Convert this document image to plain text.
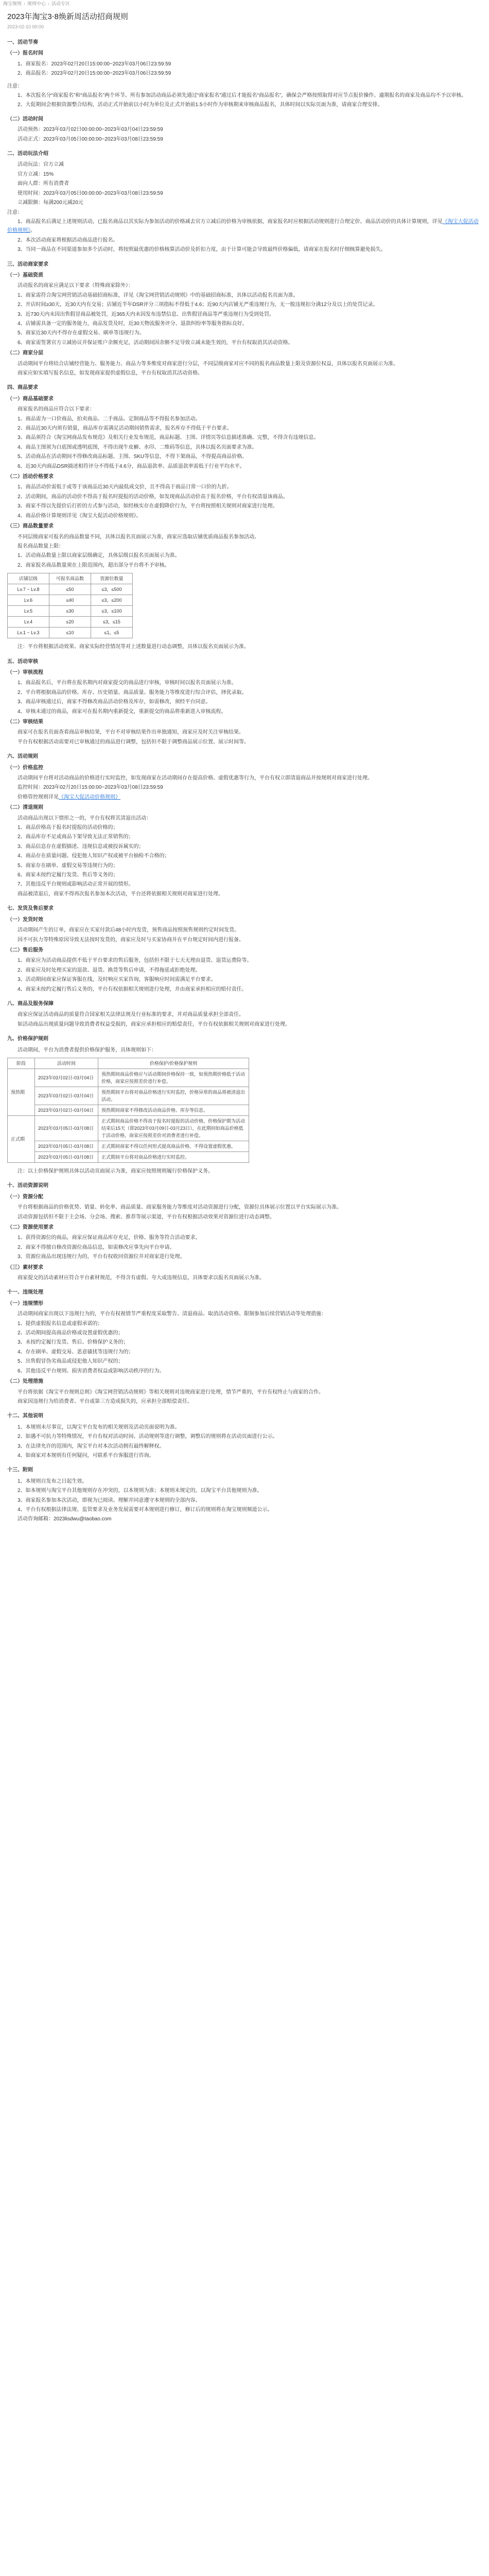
淘宝规则 › 规则中心 › 活动专区
2023年淘宝3⋅8焕新周活动招商规则
2023-02-10 00:00
一、活动节奏
（一）报名时间

1、商家报名：2023年02月20日15:00:00~2023年03月06日23:59:59

2、商品报名：2023年02月20日15:00:00~2023年03月06日23:59:59

注意：

1、本次报名分“商家报名”和“商品报名”两个环节。所有参加活动商品必须先通过“商家报名”通过后才能报名“商品报名”，确保会严格按照取得对应节点报价操作。逾期报名的商家及商品均不予以审核。

2、大促期间会根据资源整合结构，活动正式开始前以小时为单位及正式开始前1.5小时作为审核期来审核商品报名，具体时间以实际页面为准，请商家合理安排。

（二）活动时间

活动预热：2023年03月02日00:00:00~2023年03月04日23:59:59

活动正式：2023年03月05日00:00:00~2023年03月08日23:59:59

二、活动玩法介绍

活动玩法：官方立减

官方立减：15%

面向人群：所有消费者

使用时间：2023年03月05日00:00:00~2023年03月08日23:59:59

立减限额：每满200元减20元

注意：

1、商品报名后满足上述规则活动，已报名商品以其实际为参加活动的价格减去官方立减后的价格为审核依据，商家报名时应根据活动规则进行合理定价。商品活动价的具体计算规则，详见《淘宝大促活动价格规则》。

2、本次活动商家将根据活动商品进行报名。

3、当同一商品在不同渠道参加多个活动时，将按照最优惠的价格核算活动价及折扣力度，由于计算可能会导致最终价格偏低，请商家在报名时仔细核算避免损失。

三、活动商家要求
（一）基础资质

活动报名的商家应满足以下要求（特殊商家除外）：

1、商家需符合淘宝网营销活动基础招商标准，详见《淘宝网营销活动规则》中的基础招商标准，具体以活动报名页面为准。

2、开店时间≥30天，近30天内有交易；店铺近半年DSR评分三项指标不得低于4.6；近90天内店铺无严重违规行为，无一般违规扣分满12分及以上的处罚记录。

3、近730天内未因出售假冒商品被处罚，近365天内未因发布违禁信息、出售假冒商品等严重违规行为受到处罚。

4、店铺需具备一定的服务能力，商品发货及时，近30天物流服务评分、退款纠纷率等服务指标良好。

5、商家近30天内不得存在虚假交易、刷单等违规行为。

6、商家需签署官方立减协议并保证账户余额充足，活动期间因余额不足导致立减未能生效的，平台有权取消其活动资格。

（二）商家分层

活动期间平台将结合店铺经营能力、服务能力、商品力等多维度对商家进行分层，不同层级商家对应不同的报名商品数量上限及资源位权益，具体以报名页面展示为准。

商家应如实填写报名信息，如发现商家提供虚假信息，平台有权取消其活动资格。

四、商品要求
（一）商品基础要求

商家报名的商品应符合以下要求：

1、商品需为一口价商品，拍卖商品、二手商品、定制商品等不得报名参加活动。

2、商品近30天内须有销量，商品库存需满足活动期间销售需求，报名库存不得低于平台要求。

3、商品须符合《淘宝网商品发布规范》及相关行业发布规范，商品标题、主图、详情页等信息描述准确、完整，不得含有违规信息。

4、商品主图须为白底图或透明底图，不得出现牛皮癣、水印、二维码等信息，具体以报名页面要求为准。

5、活动商品在活动期间不得修改商品标题、主图、SKU等信息，不得下架商品，不得提高商品价格。

6、近30天内商品DSR描述相符评分不得低于4.6分，商品退款率、品质退款率需低于行业平均水平。

（二）活动价格要求

1、商品活动价需低于或等于该商品近30天内最低成交价，且不得高于商品日常一口价的九折。

2、活动期间，商品的活动价不得高于报名时提报的活动价格，如发现商品活动价高于报名价格，平台有权清退该商品。

3、商家不得以先提价后打折的方式参与活动，如经核实存在虚假降价行为，平台将按照相关规则对商家进行处理。

4、商品价格计算规则详见《淘宝大促活动价格规则》。

（三）商品数量要求

不同层级商家可报名的商品数量不同，具体以报名页面展示为准，商家应选取店铺优质商品报名参加活动。

报名商品数量上限：

1、活动商品数量上限以商家层级确定，具体层级以报名页面展示为准。

2、商家报名商品数量须在上限范围内，超出部分平台将不予审核。

店铺层级	可报名商品数	资源位数量
Lv.7 ~ Lv.8	≤50	≤3，≤500
Lv.6	≤40	≤3，≤200
Lv.5	≤30	≤3，≤100
Lv.4	≤20	≤3，≤15
Lv.1 ~ Lv.3	≤10	≤1，≤5

注：平台将根据活动效果、商家实际经营情况等对上述数量进行动态调整，具体以报名页面展示为准。

五、活动审核
（一）审核流程

1、商品报名后，平台将在报名期内对商家提交的商品进行审核，审核时间以报名页面展示为准。

2、平台将根据商品的价格、库存、历史销量、商品质量、服务能力等维度进行综合评估，择优录取。

3、商品审核通过后，商家不得修改商品活动价格及库存，如需修改，须经平台同意。

4、审核未通过的商品，商家可在报名期内重新提交，重新提交的商品将重新进入审核流程。

（二）审核结果

商家可在报名页面查看商品审核结果，平台不对审核结果作出单独通知，商家应及时关注审核结果。

平台有权根据活动需要对已审核通过的商品进行调整，包括但不限于调整商品展示位置、展示时间等。

六、活动规则
（一）价格监控

活动期间平台将对活动商品的价格进行实时监控，如发现商家在活动期间存在提高价格、虚假优惠等行为，平台有权立即清退商品并按规则对商家进行处理。

监控时间：2023年02月20日15:00:00~2023年03月08日23:59:59

价格管控规则详见《淘宝大促活动价格规则》

（二）清退规则

活动商品出现以下情形之一的，平台有权将其清退出活动：

1、商品价格高于报名时提报的活动价格的；

2、商品库存不足或商品下架导致无法正常销售的；

3、商品信息存在虚假描述、违规信息或被投诉属实的；

4、商品存在质量问题、侵犯他人知识产权或被平台抽检不合格的；

5、商家存在刷单、虚假交易等违规行为的；

6、商家未按约定履行发货、售后等义务的；

7、其他违反平台规则或影响活动正常开展的情形。

商品被清退后，商家不得再次报名参加本次活动，平台还将依据相关规则对商家进行处理。

七、发货及售后要求
（一）发货时效

活动期间产生的订单，商家应在买家付款后48小时内发货，预售商品按照预售规则约定时间发货。

因不可抗力等特殊原因导致无法按时发货的，商家应及时与买家协商并在平台规定时间内进行报备。

（二）售后服务

1、商家应为活动商品提供不低于平台要求的售后服务，包括但不限于七天无理由退货、退货运费险等。

2、商家应及时处理买家的退款、退货、换货等售后申请，不得拖延或拒绝处理。

3、活动期间商家应保证客服在线，及时响应买家咨询，客服响应时间需满足平台要求。

4、商家未按约定履行售后义务的，平台有权依据相关规则进行处理，并由商家承担相应的赔付责任。

八、商品及服务保障

商家应保证活动商品的质量符合国家相关法律法规及行业标准的要求，并对商品质量承担全部责任。

如活动商品出现质量问题导致消费者权益受损的，商家应承担相应的赔偿责任，平台有权依据相关规则对商家进行处理。

九、价格保护规则

活动期间，平台为消费者提供价格保护服务，具体规则如下：

阶段	活动时间	价格保护/价格保护规则
预热期	2023年03月02日-03月04日	预热期间商品价格应与活动期间价格保持一致，如预热期价格低于活动价格，商家应按照差价进行补偿。
	2023年03月02日-03月04日	预热期间平台将对商品价格进行实时监控，价格异常的商品将被清退出活动。
	2023年03月02日-03月04日	预热期间商家不得修改活动商品价格、库存等信息。
正式期	2023年03月05日-03月08日	正式期间商品价格不得高于报名时提报的活动价格，价格保护期为活动结束后15天（即2023年03月09日-03月23日），在此期间如商品价格低于活动价格，商家应按照差价对消费者进行补偿。
	2023年03月05日-03月08日	正式期间商家不得以任何形式提高商品价格，不得设置虚假优惠。
	2023年03月05日-03月08日	正式期间平台将对商品价格进行实时监控。

注：以上价格保护规则具体以活动页面展示为准，商家应按照规则履行价格保护义务。

十、活动资源说明
（一）资源分配

平台将根据商品的价格优势、销量、转化率、商品质量、商家服务能力等维度对活动资源进行分配，资源位具体展示位置以平台实际展示为准。

活动资源包括但不限于主会场、分会场、搜索、推荐等展示渠道，平台有权根据活动效果对资源位进行动态调整。

（二）资源使用要求

1、获得资源位的商品，商家应保证商品库存充足，价格、服务等符合活动要求。

2、商家不得擅自修改资源位商品信息，如需修改应事先向平台申请。

3、资源位商品出现违规行为的，平台有权收回资源位并对商家进行处理。

（三）素材要求

商家提交的活动素材应符合平台素材规范，不得含有虚假、夸大或违规信息，具体要求以报名页面展示为准。

十一、违规处理
（一）违规情形

活动期间商家出现以下违规行为的，平台有权视情节严重程度采取警告、清退商品、取消活动资格、限制参加后续营销活动等处理措施：

1、提供虚假报名信息或虚假承诺的；

2、活动期间提高商品价格或设置虚假优惠的；

3、未按约定履行发货、售后、价格保护义务的；

4、存在刷单、虚假交易、恶意骚扰等违规行为的；

5、出售假冒伪劣商品或侵犯他人知识产权的；

6、其他违反平台规则、损害消费者权益或影响活动秩序的行为。

（二）处理措施

平台将依据《淘宝平台规则总则》《淘宝网营销活动规则》等相关规则对违规商家进行处理，情节严重的，平台有权终止与商家的合作。

商家因违规行为给消费者、平台或第三方造成损失的，应承担全部赔偿责任。

十二、其他说明

1、本规则未尽事宜，以淘宝平台发布的相关规则及活动页面说明为准。

2、如遇不可抗力等特殊情况，平台有权对活动时间、活动规则等进行调整，调整后的规则将在活动页面进行公示。

3、在法律允许的范围内，淘宝平台对本次活动拥有最终解释权。

4、如商家对本规则有任何疑问，可联系平台客服进行咨询。

十三、附则

1、本规则自发布之日起生效。

2、如本规则与淘宝平台其他规则存在冲突的，以本规则为准；本规则未规定的，以淘宝平台其他规则为准。

3、商家报名参加本次活动，即视为已阅读、理解并同意遵守本规则的全部内容。

4、平台有权根据法律法规、监管要求及业务发展需要对本规则进行修订，修订后的规则将在淘宝规则频道公示。

活动咨询邮箱：2023lisdwu@taobao.com
